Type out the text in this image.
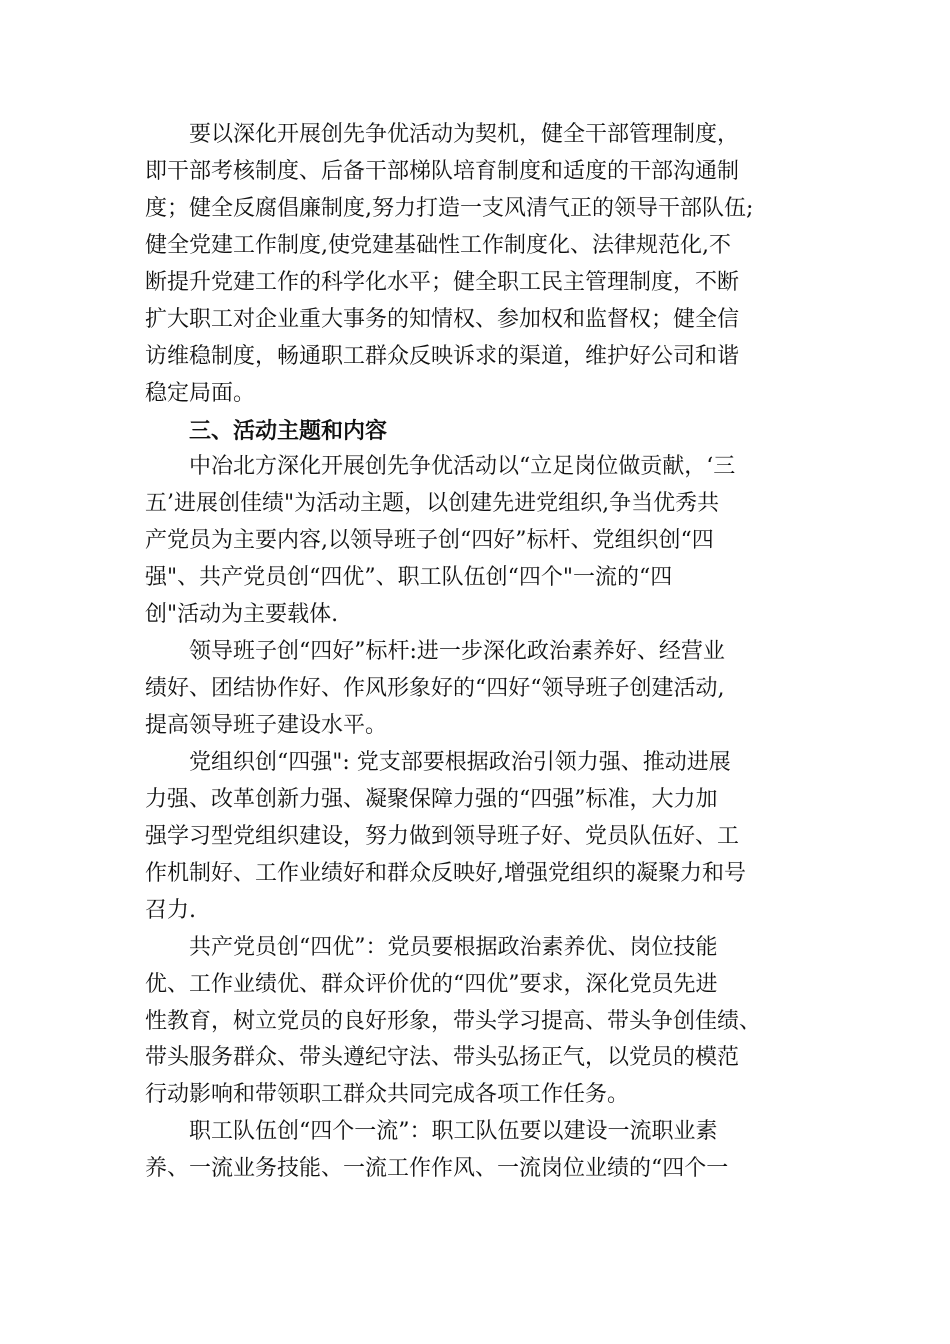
要以深化开展创先争优活动为契机，健全干部管理制度，
即干部考核制度、后备干部梯队培育制度和适度的干部沟通制
度；健全反腐倡廉制度,努力打造一支风清气正的领导干部队伍;
健全党建工作制度,使党建基础性工作制度化、法律规范化,不
断提升党建工作的科学化水平；健全职工民主管理制度，不断
扩大职工对企业重大事务的知情权、参加权和监督权；健全信
访维稳制度，畅通职工群众反映诉求的渠道，维护好公司和谐
稳定局面。
三、活动主题和内容
中冶北方深化开展创先争优活动以“立足岗位做贡献，‘三
五’进展创佳绩"为活动主题，以创建先进党组织,争当优秀共
产党员为主要内容,以领导班子创“四好”标杆、党组织创“四
强"、共产党员创“四优”、职工队伍创“四个"一流的“四
创"活动为主要载体.
领导班子创“四好”标杆:进一步深化政治素养好、经营业
绩好、团结协作好、作风形象好的“四好“领导班子创建活动,
提高领导班子建设水平。
党组织创“四强": 党支部要根据政治引领力强、推动进展
力强、改革创新力强、凝聚保障力强的“四强”标准，大力加
强学习型党组织建设，努力做到领导班子好、党员队伍好、工
作机制好、工作业绩好和群众反映好,增强党组织的凝聚力和号
召力.
共产党员创“四优”：党员要根据政治素养优、岗位技能
优、工作业绩优、群众评价优的“四优”要求，深化党员先进
性教育，树立党员的良好形象，带头学习提高、带头争创佳绩、
带头服务群众、带头遵纪守法、带头弘扬正气，以党员的模范
行动影响和带领职工群众共同完成各项工作任务。
职工队伍创“四个一流”：职工队伍要以建设一流职业素
养、一流业务技能、一流工作作风、一流岗位业绩的“四个一
